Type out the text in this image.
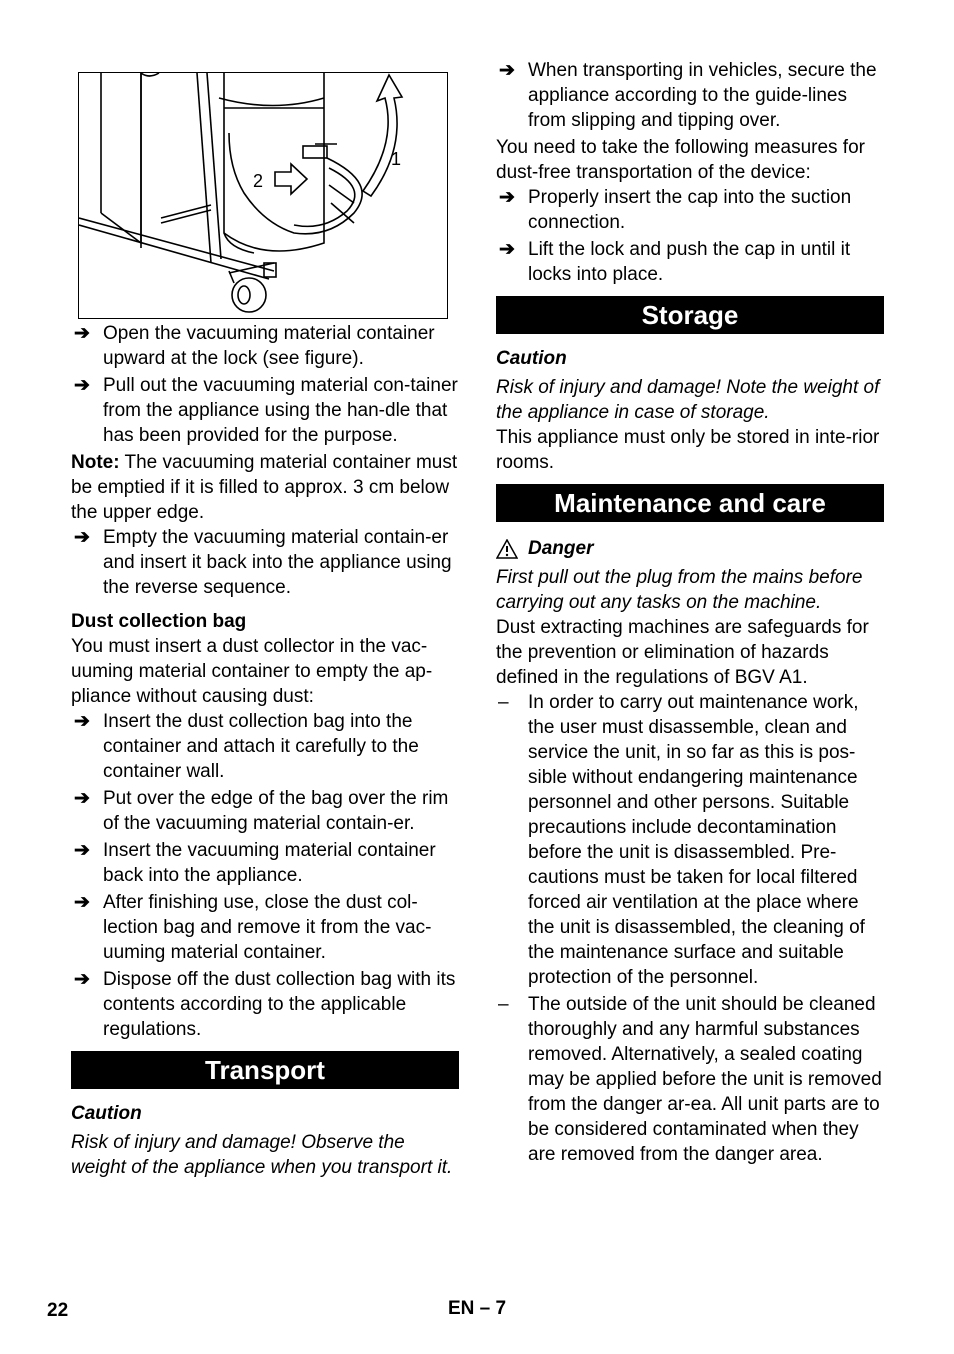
1
2
➔ Open the vacuuming material container upward at the lock (see figure).
➔ Pull out the vacuuming material con-tainer from the appliance using the han-dle that has been provided for the purpose.

Note: The vacuuming material container must be emptied if it is filled to approx. 3 cm below the upper edge.

➔ Empty the vacuuming material contain-er and insert it back into the appliance using the reverse sequence.
Dust collection bag

You must insert a dust collector in the vac-uuming material container to empty the ap-pliance without causing dust:

➔ Insert the dust collection bag into the container and attach it carefully to the container wall.
➔ Put over the edge of the bag over the rim of the vacuuming material contain-er.
➔ Insert the vacuuming material container back into the appliance.
➔ After finishing use, close the dust col-lection bag and remove it from the vac-uuming material container.
➔ Dispose off the dust collection bag with its contents according to the applicable regulations.
Transport
Caution

Risk of injury and damage! Observe the weight of the appliance when you transport it.

➔ When transporting in vehicles, secure the appliance according to the guide-lines from slipping and tipping over.

You need to take the following measures for dust-free transportation of the device:

➔ Properly insert the cap into the suction connection.
➔ Lift the lock and push the cap in until it locks into place.
Storage
Caution

Risk of injury and damage! Note the weight of the appliance in case of storage.

This appliance must only be stored in inte-rior rooms.

Maintenance and care
Danger

First pull out the plug from the mains before carrying out any tasks on the machine.

Dust extracting machines are safeguards for the prevention or elimination of hazards defined in the regulations of BGV A1.

– In order to carry out maintenance work, the user must disassemble, clean and service the unit, in so far as this is pos-sible without endangering maintenance personnel and other persons. Suitable precautions include decontamination before the unit is disassembled. Pre-cautions must be taken for local filtered forced air ventilation at the place where the unit is disassembled, the cleaning of the maintenance surface and suitable protection of the personnel.
– The outside of the unit should be cleaned thoroughly and any harmful substances removed. Alternatively, a sealed coating may be applied before the unit is removed from the danger ar-ea. All unit parts are to be considered contaminated when they are removed from the danger area.
22	EN – 7
